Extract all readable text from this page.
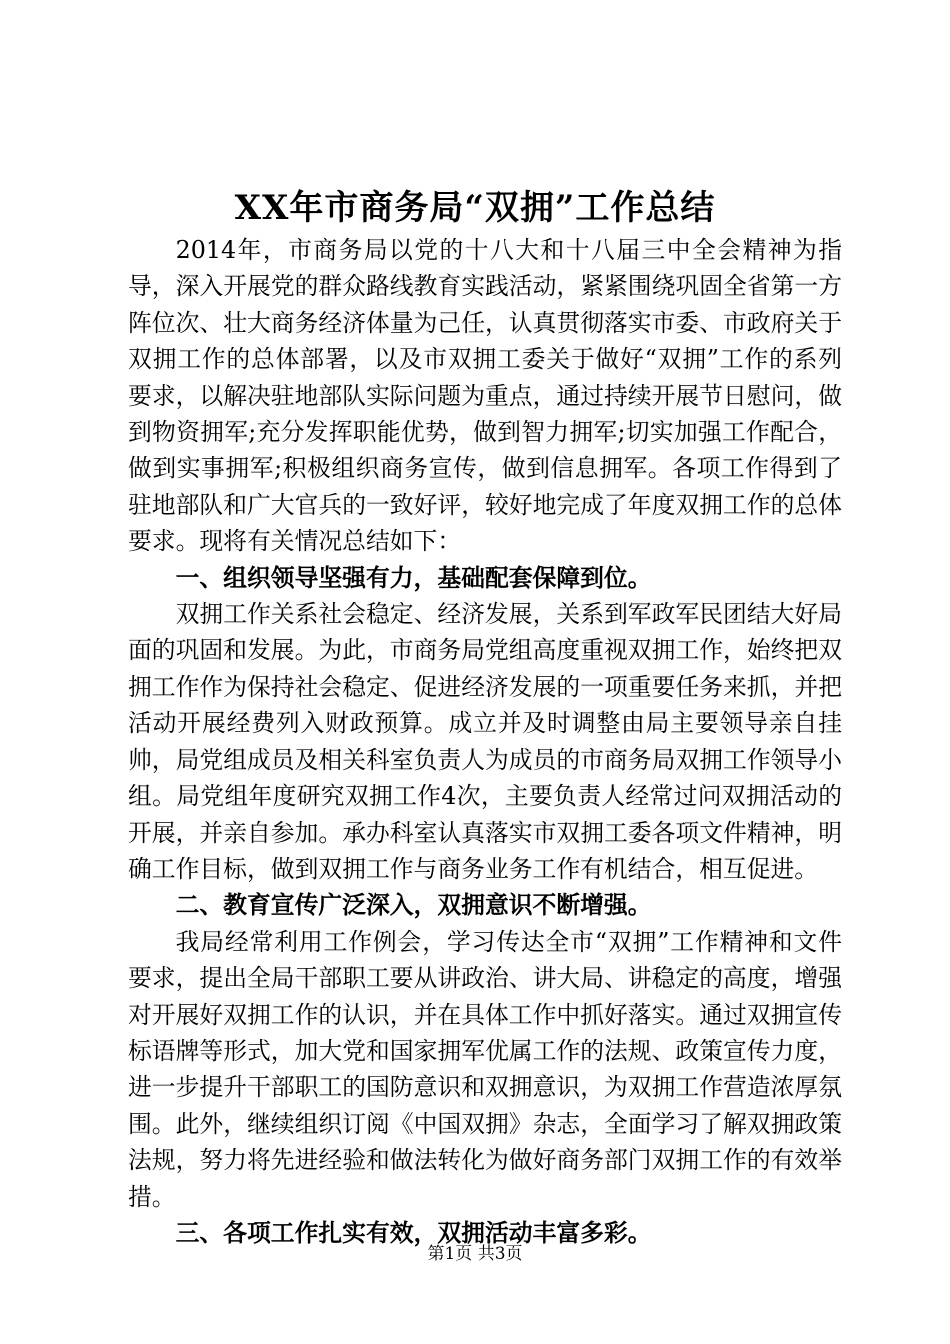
XX年市商务局“双拥”工作总结

2014年，市商务局以党的十八大和十八届三中全会精神为指导，深入开展党的群众路线教育实践活动，紧紧围绕巩固全省第一方阵位次、壮大商务经济体量为己任，认真贯彻落实市委、市政府关于双拥工作的总体部署，以及市双拥工委关于做好“双拥”工作的系列要求，以解决驻地部队实际问题为重点，通过持续开展节日慰问，做到物资拥军;充分发挥职能优势，做到智力拥军;切实加强工作配合，做到实事拥军;积极组织商务宣传，做到信息拥军。各项工作得到了驻地部队和广大官兵的一致好评，较好地完成了年度双拥工作的总体要求。现将有关情况总结如下：

一、组织领导坚强有力，基础配套保障到位。

双拥工作关系社会稳定、经济发展，关系到军政军民团结大好局面的巩固和发展。为此，市商务局党组高度重视双拥工作，始终把双拥工作作为保持社会稳定、促进经济发展的一项重要任务来抓，并把活动开展经费列入财政预算。成立并及时调整由局主要领导亲自挂帅，局党组成员及相关科室负责人为成员的市商务局双拥工作领导小组。局党组年度研究双拥工作4次，主要负责人经常过问双拥活动的开展，并亲自参加。承办科室认真落实市双拥工委各项文件精神，明确工作目标，做到双拥工作与商务业务工作有机结合，相互促进。

二、教育宣传广泛深入，双拥意识不断增强。

我局经常利用工作例会，学习传达全市“双拥”工作精神和文件要求，提出全局干部职工要从讲政治、讲大局、讲稳定的高度，增强对开展好双拥工作的认识，并在具体工作中抓好落实。通过双拥宣传标语牌等形式，加大党和国家拥军优属工作的法规、政策宣传力度，进一步提升干部职工的国防意识和双拥意识，为双拥工作营造浓厚氛围。此外，继续组织订阅《中国双拥》杂志，全面学习了解双拥政策法规，努力将先进经验和做法转化为做好商务部门双拥工作的有效举措。

三、各项工作扎实有效，双拥活动丰富多彩。

第1页 共3页
